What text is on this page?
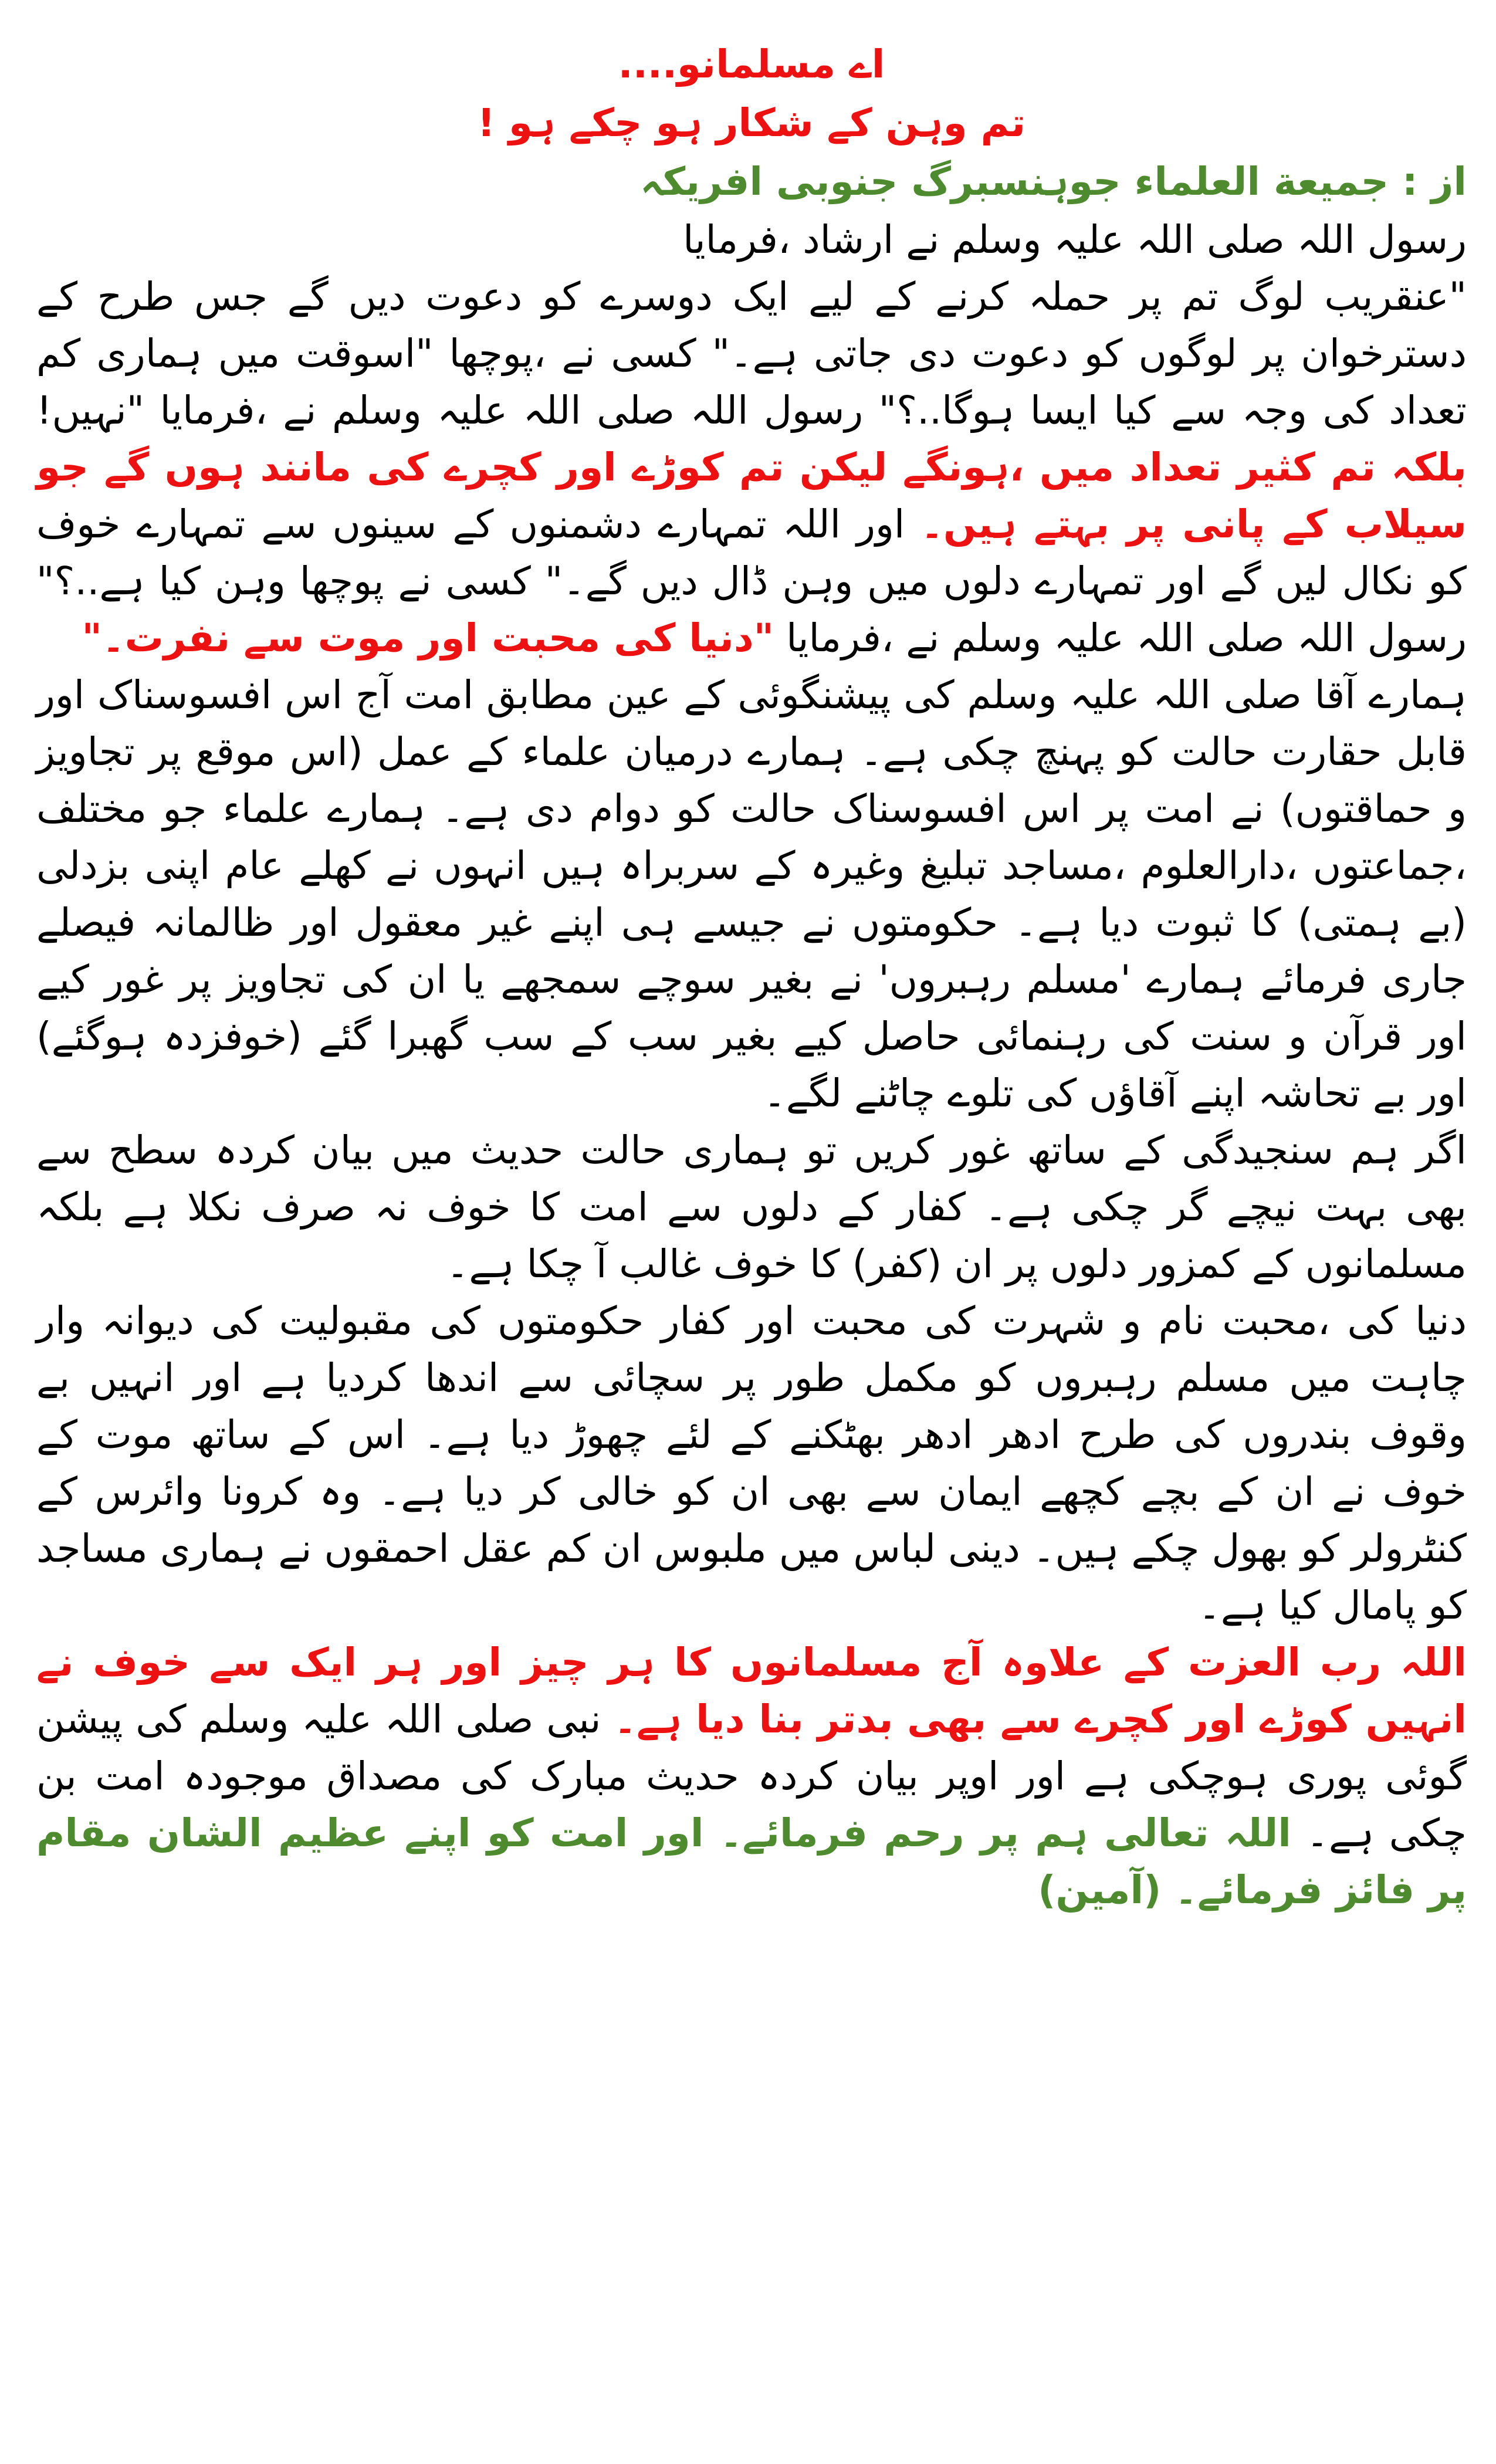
اے مسلمانو....

تم وہن کے شکار ہو چکے ہو !

از : جمیعة العلماء جوہنسبرگ جنوبی افریکہ

رسول اللہ صلی اللہ علیہ وسلم نے ارشاد ،فرمایا

"عنقریب لوگ تم پر حملہ کرنے کے لیے ایک دوسرے کو دعوت دیں گے جس طرح کے دسترخوان پر لوگوں کو دعوت دی جاتی ہے۔" کسی نے ،پوچھا "اسوقت میں ہماری کم تعداد کی وجہ سے کیا ایسا ہوگا..؟" رسول اللہ صلی اللہ علیہ وسلم نے ،فرمایا "نہیں! بلکہ تم کثیر تعداد میں ،ہونگے لیکن تم کوڑے اور کچرے کی مانند ہوں گے جو سیلاب کے پانی پر بہتے ہیں۔ اور اللہ تمہارے دشمنوں کے سینوں سے تمہارے خوف کو نکال لیں گے اور تمہارے دلوں میں وہن ڈال دیں گے۔" کسی نے پوچھا وہن کیا ہے..؟" رسول اللہ صلی اللہ علیہ وسلم نے ،فرمایا "دنیا کی محبت اور موت سے نفرت۔"

ہمارے آقا صلی اللہ علیہ وسلم کی پیشنگوئی کے عین مطابق امت آج اس افسوسناک اور قابل حقارت حالت کو پہنچ چکی ہے۔ ہمارے درمیان علماء کے عمل (اس موقع پر تجاویز و حماقتوں) نے امت پر اس افسوسناک حالت کو دوام دی ہے۔ ہمارے علماء جو مختلف ،جماعتوں ،دارالعلوم ،مساجد تبلیغ وغیرہ کے سربراہ ہیں انہوں نے کھلے عام اپنی بزدلی (بے ہمتی) کا ثبوت دیا ہے۔ حکومتوں نے جیسے ہی اپنے غیر معقول اور ظالمانہ فیصلے جاری فرمائے ہمارے 'مسلم رہبروں' نے بغیر سوچے سمجھے یا ان کی تجاویز پر غور کیے اور قرآن و سنت کی رہنمائی حاصل کیے بغیر سب کے سب گھبرا گئے (خوفزدہ ہوگئے) اور بے تحاشہ اپنے آقاؤں کی تلوے چاٹنے لگے۔

اگر ہم سنجیدگی کے ساتھ غور کریں تو ہماری حالت حدیث میں بیان کردہ سطح سے بھی بہت نیچے گر چکی ہے۔ کفار کے دلوں سے امت کا خوف نہ صرف نکلا ہے بلکہ مسلمانوں کے کمزور دلوں پر ان (کفر) کا خوف غالب آ چکا ہے۔

دنیا کی ،محبت نام و شہرت کی محبت اور کفار حکومتوں کی مقبولیت کی دیوانہ وار چاہت میں مسلم رہبروں کو مکمل طور پر سچائی سے اندھا کردیا ہے اور انہیں بے وقوف بندروں کی طرح ادھر ادھر بھٹکنے کے لئے چھوڑ دیا ہے۔ اس کے ساتھ موت کے خوف نے ان کے بچے کچھے ایمان سے بھی ان کو خالی کر دیا ہے۔ وہ کرونا وائرس کے کنٹرولر کو بھول چکے ہیں۔ دینی لباس میں ملبوس ان کم عقل احمقوں نے ہماری مساجد کو پامال کیا ہے۔

اللہ رب العزت کے علاوہ آج مسلمانوں کا ہر چیز اور ہر ایک سے خوف نے انہیں کوڑے اور کچرے سے بھی بدتر بنا دیا ہے۔ نبی صلی اللہ علیہ وسلم کی پیشن گوئی پوری ہوچکی ہے اور اوپر بیان کردہ حدیث مبارک کی مصداق موجودہ امت بن چکی ہے۔ اللہ تعالی ہم پر رحم فرمائے۔ اور امت کو اپنے عظیم الشان مقام پر فائز فرمائے۔ (آمین)
